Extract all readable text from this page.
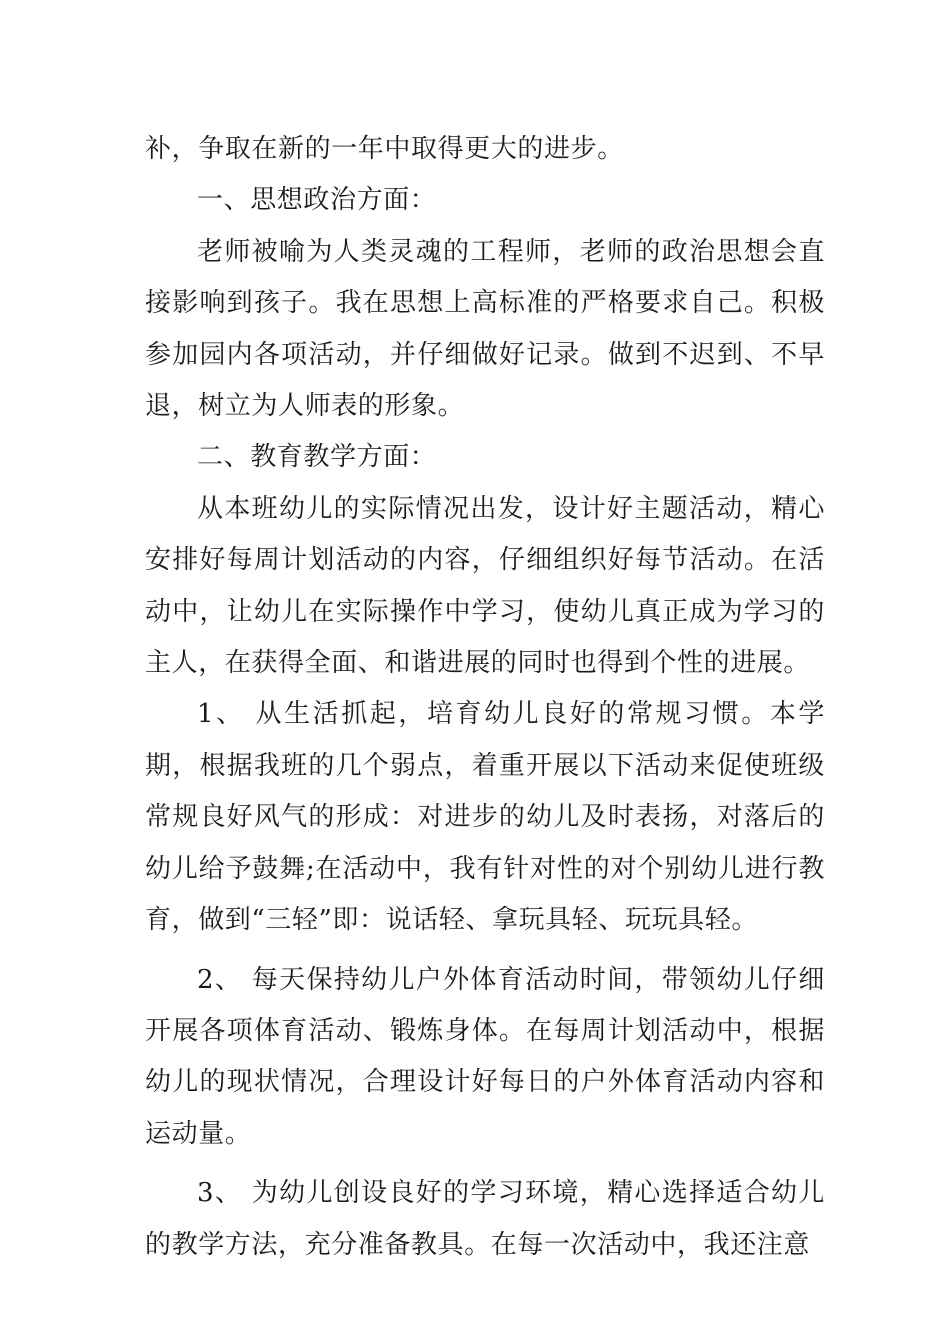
补，争取在新的一年中取得更大的进步。

一、思想政治方面：

老师被喻为人类灵魂的工程师，老师的政治思想会直接影响到孩子。我在思想上高标准的严格要求自己。积极参加园内各项活动，并仔细做好记录。做到不迟到、不早退，树立为人师表的形象。

二、教育教学方面：

从本班幼儿的实际情况出发，设计好主题活动，精心安排好每周计划活动的内容，仔细组织好每节活动。在活动中，让幼儿在实际操作中学习，使幼儿真正成为学习的主人，在获得全面、和谐进展的同时也得到个性的进展。

1、 从生活抓起，培育幼儿良好的常规习惯。本学期，根据我班的几个弱点，着重开展以下活动来促使班级常规良好风气的形成：对进步的幼儿及时表扬，对落后的幼儿给予鼓舞;在活动中，我有针对性的对个别幼儿进行教育，做到“三轻”即：说话轻、拿玩具轻、玩玩具轻。

2、 每天保持幼儿户外体育活动时间，带领幼儿仔细开展各项体育活动、锻炼身体。在每周计划活动中，根据幼儿的现状情况，合理设计好每日的户外体育活动内容和运动量。

3、 为幼儿创设良好的学习环境，精心选择适合幼儿的教学方法，充分准备教具。在每一次活动中，我还注意
